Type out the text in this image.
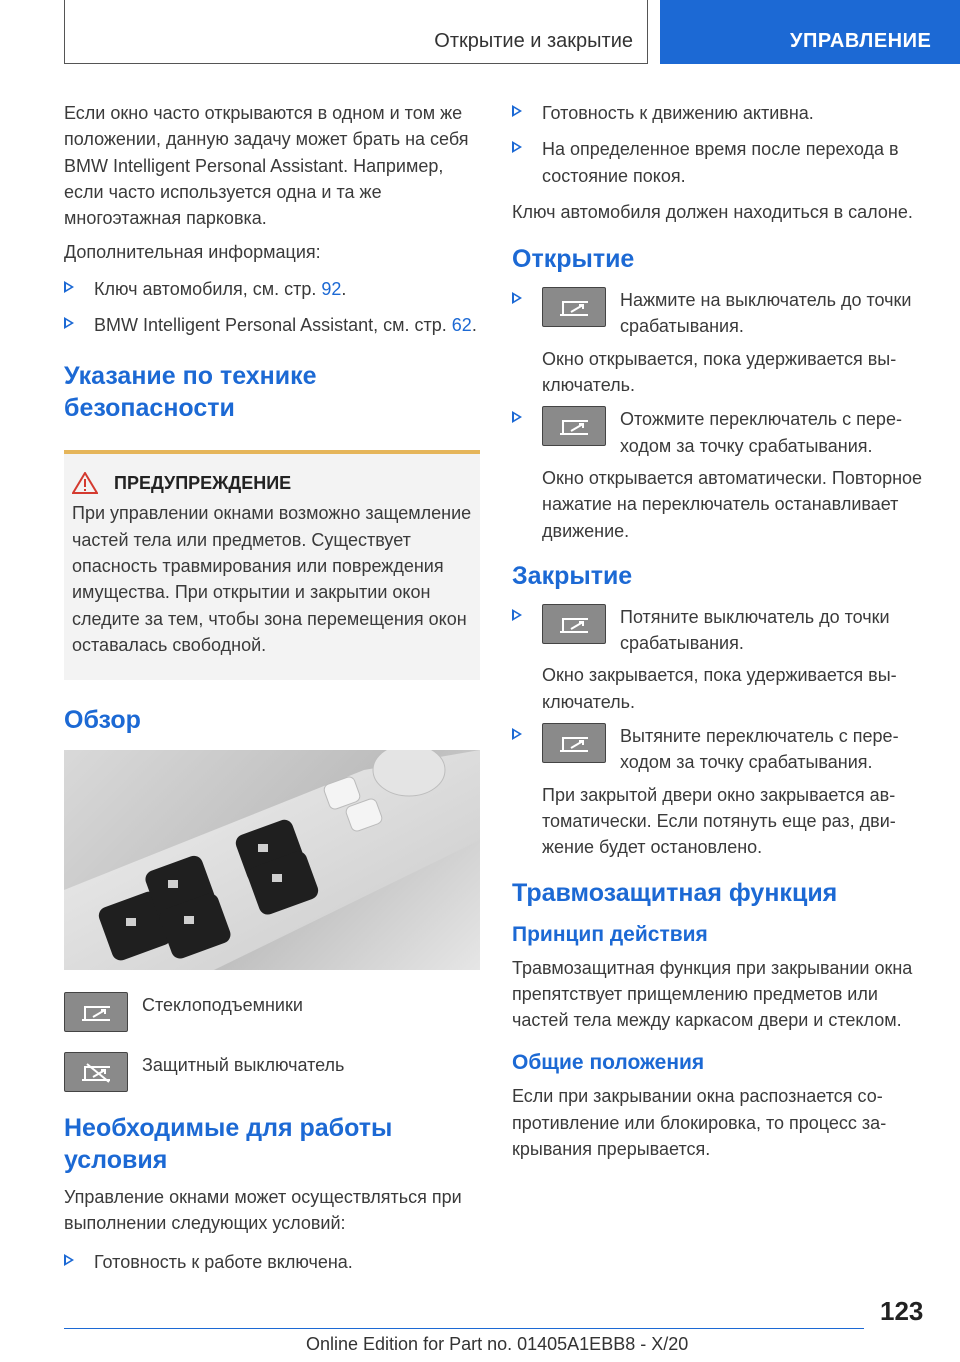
Открытие и закрытие	УПРАВЛЕНИЕ

Если окно часто открываются в одном и том же положении, данную задачу может брать на себя BMW Intelligent Personal Assistant. Например, если часто используется одна и та же многоэтажная парковка.

Дополнительная информация:

Ключ автомобиля, см. стр. 92.
BMW Intelligent Personal Assistant, см. стр. 62.
Указание по технике безопасности
ПРЕДУПРЕЖДЕНИЕ

При управлении окнами возможно защемление частей тела или предметов. Существует опасность травмирования или повреждения имущества. При открытии и закрытии окон следите за тем, чтобы зона перемещения окон оставалась свободной.

Обзор

Стеклоподъемники

Защитный выключатель

Необходимые для работы условия

Управление окнами может осуществляться при выполнении следующих условий:

Готовность к работе включена.
Готовность к движению активна.
На определенное время после перехода в состояние покоя.

Ключ автомобиля должен находиться в салоне.

Открытие

Нажмите на выключатель до точки срабатывания.

Окно открывается, пока удерживается выключатель.

Отожмите переключатель с переходом за точку срабатывания.

Окно открывается автоматически. Повторное нажатие на переключатель останавливает движение.

Закрытие

Потяните выключатель до точки срабатывания.

Окно закрывается, пока удерживается выключатель.

Вытяните переключатель с переходом за точку срабатывания.

При закрытой двери окно закрывается автоматически. Если потянуть еще раз, движение будет остановлено.

Травмозащитная функция
Принцип действия

Травмозащитная функция при закрывании окна препятствует прищемлению предметов или частей тела между каркасом двери и стеклом.

Общие положения

Если при закрывании окна распознается сопротивление или блокировка, то процесс закрывания прерывается.

123
Online Edition for Part no. 01405A1EBB8 - X/20
